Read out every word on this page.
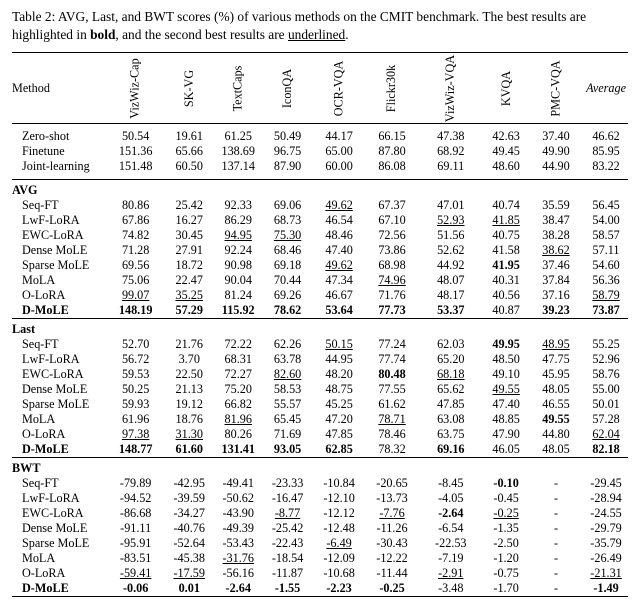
Table 2: AVG, Last, and BWT scores (%) of various methods on the CMIT benchmark. The best results are highlighted in bold, and the second best results are underlined.
Method	VizWiz-Cap	SK-VG	TextCaps	IconQA	OCR-VQA	Flickr30k	VizWiz-VQA	KVQA	PMC-VQA	Average

Zero-shot	50.54	19.61	61.25	50.49	44.17	66.15	47.38	42.63	37.40	46.62
Finetune	151.36	65.66	138.69	96.75	65.00	87.80	68.92	49.45	49.90	85.95
Joint-learning	151.48	60.50	137.14	87.90	60.00	86.08	69.11	48.60	44.90	83.22

AVG										
Seq-FT	80.86	25.42	92.33	69.06	49.62	67.37	47.01	40.74	35.59	56.45
LwF-LoRA	67.86	16.27	86.29	68.73	46.54	67.10	52.93	41.85	38.47	54.00
EWC-LoRA	74.82	30.45	94.95	75.30	48.46	72.56	51.56	40.75	38.28	58.57
Dense MoLE	71.28	27.91	92.24	68.46	47.40	73.86	52.62	41.58	38.62	57.11
Sparse MoLE	69.56	18.72	90.98	69.18	49.62	68.98	44.92	41.95	37.46	54.60
MoLA	75.06	22.47	90.04	70.44	47.34	74.96	48.07	40.31	37.84	56.36
O-LoRA	99.07	35.25	81.24	69.26	46.67	71.76	48.17	40.56	37.16	58.79
D-MoLE	148.19	57.29	115.92	78.62	53.64	77.73	53.37	40.87	39.23	73.87
Last										
Seq-FT	52.70	21.76	72.22	62.26	50.15	77.24	62.03	49.95	48.95	55.25
LwF-LoRA	56.72	3.70	68.31	63.78	44.95	77.74	65.20	48.50	47.75	52.96
EWC-LoRA	59.53	22.50	72.27	82.60	48.20	80.48	68.18	49.10	45.95	58.76
Dense MoLE	50.25	21.13	75.20	58.53	48.75	77.55	65.62	49.55	48.05	55.00
Sparse MoLE	59.93	19.12	66.82	55.57	45.25	61.62	47.85	47.40	46.55	50.01
MoLA	61.96	18.76	81.96	65.45	47.20	78.71	63.08	48.85	49.55	57.28
O-LoRA	97.38	31.30	80.26	71.69	47.85	78.46	63.75	47.90	44.80	62.04
D-MoLE	148.77	61.60	131.41	93.05	62.85	78.32	69.16	46.05	48.05	82.18
BWT										
Seq-FT	-79.89	-42.95	-49.41	-23.33	-10.84	-20.65	-8.45	-0.10	-	-29.45
LwF-LoRA	-94.52	-39.59	-50.62	-16.47	-12.10	-13.73	-4.05	-0.45	-	-28.94
EWC-LoRA	-86.68	-34.27	-43.90	-8.77	-12.12	-7.76	-2.64	-0.25	-	-24.55
Dense MoLE	-91.11	-40.76	-49.39	-25.42	-12.48	-11.26	-6.54	-1.35	-	-29.79
Sparse MoLE	-95.91	-52.64	-53.43	-22.43	-6.49	-30.43	-22.53	-2.50	-	-35.79
MoLA	-83.51	-45.38	-31.76	-18.54	-12.09	-12.22	-7.19	-1.20	-	-26.49
O-LoRA	-59.41	-17.59	-56.16	-11.87	-10.68	-11.44	-2.91	-0.75	-	-21.31
D-MoLE	-0.06	0.01	-2.64	-1.55	-2.23	-0.25	-3.48	-1.70	-	-1.49
